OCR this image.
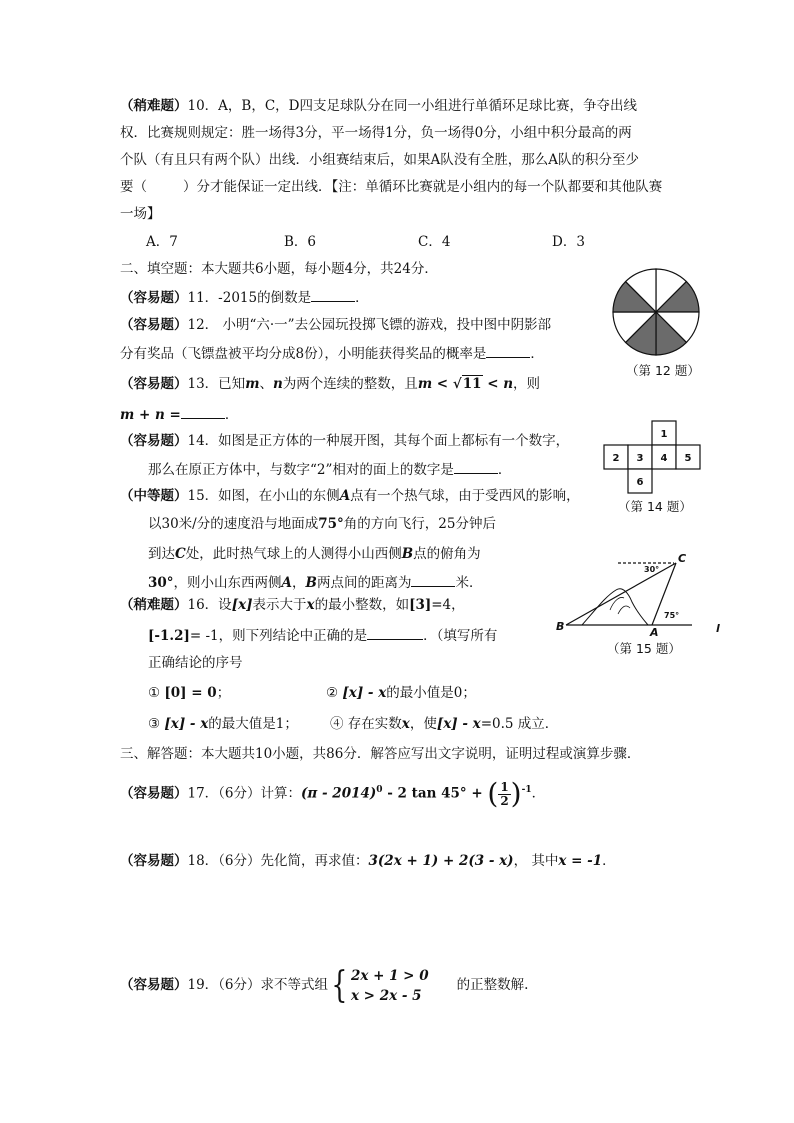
（稍难题）10．A，B，C，D四支足球队分在同一小组进行单循环足球比赛，争夺出线
权．比赛规则规定：胜一场得3分，平一场得1分，负一场得0分，小组中积分最高的两
个队（有且只有两个队）出线．小组赛结束后，如果A队没有全胜，那么A队的积分至少
要（	）分才能保证一定出线．【注：单循环比赛就是小组内的每一个队都要和其他队赛
一场】
A．7	B．6	C．4	D．3
二、填空题：本大题共6小题，每小题4分，共24分．
（容易题）11．-2015的倒数是	．
（容易题）12． 小明“六·一”去公园玩投掷飞镖的游戏，投中图中阴影部
分有奖品（飞镖盘被平均分成8份），小明能获得奖品的概率是	．
（第 12 题）
（容易题）13．已知m、n为两个连续的整数，且m < √11 < n，则
m + n =	．
（容易题）14．如图是正方体的一种展开图，其每个面上都标有一个数字，
那么在原正方体中，与数字“2”相对的面上的数字是	．
1
2 3 4 5
6
（第 14 题）
（中等题）15．如图，在小山的东侧A点有一个热气球，由于受西风的影响，
以30米/分的速度沿与地面成75°角的方向飞行，25分钟后
到达C处，此时热气球上的人测得小山西侧B点的俯角为
30°，则小山东西两侧A，B两点间的距离为	米．
C
B	A
30°
75°
l
（第 15 题）
（稍难题）16．设[x]表示大于x的最小整数，如[3]=4，
[-1.2]= -1，则下列结论中正确的是	．（填写所有
正确结论的序号
① [0] = 0；	② [x] - x的最小值是0；
③ [x] - x的最大值是1； ④ 存在实数x，使[x] - x=0.5 成立．
三、解答题：本大题共10小题，共86分．解答应写出文字说明，证明过程或演算步骤．
（容易题）17．（6分）计算：(π - 2014)$^0$ - 2 tan 45° + ( $\frac{1}{2} )^{-1}$．
（容易题）18．（6分）先化简，再求值：3(2x + 1) + 2(3 - x)， 其中x = -1．
（容易题）19．（6分）求不等式组{ 2x + 1 > 0
x > 2x - 5
的正整数解.
